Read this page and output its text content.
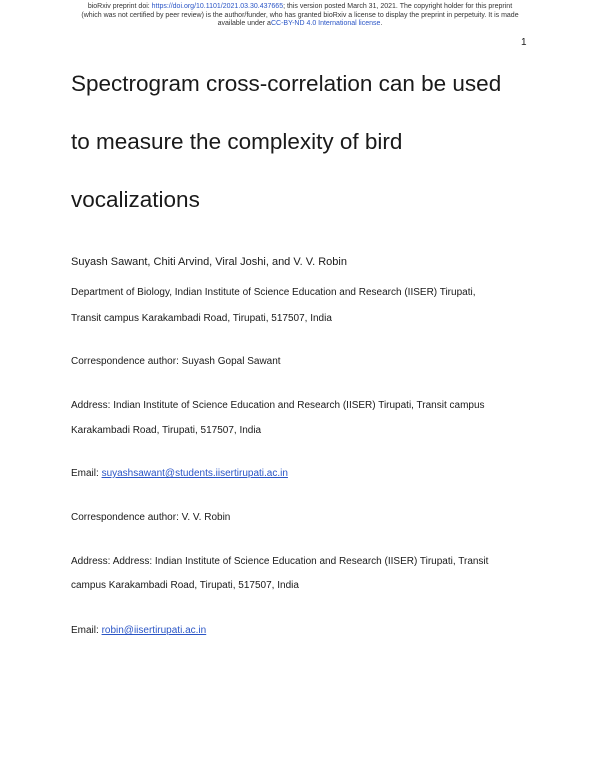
bioRxiv preprint doi: https://doi.org/10.1101/2021.03.30.437665; this version posted March 31, 2021. The copyright holder for this preprint
(which was not certified by peer review) is the author/funder, who has granted bioRxiv a license to display the preprint in perpetuity. It is made
available under aCC-BY-ND 4.0 International license.
1
Spectrogram cross-correlation can be used
to measure the complexity of bird
vocalizations
Suyash Sawant, Chiti Arvind, Viral Joshi, and V. V. Robin
Department of Biology, Indian Institute of Science Education and Research (IISER) Tirupati,
Transit campus Karakambadi Road, Tirupati, 517507, India
Correspondence author: Suyash Gopal Sawant
Address: Indian Institute of Science Education and Research (IISER) Tirupati, Transit campus
Karakambadi Road, Tirupati, 517507, India
Email: suyashsawant@students.iisertirupati.ac.in
Correspondence author: V. V. Robin
Address: Address: Indian Institute of Science Education and Research (IISER) Tirupati, Transit
campus Karakambadi Road, Tirupati, 517507, India
Email: robin@iisertirupati.ac.in
